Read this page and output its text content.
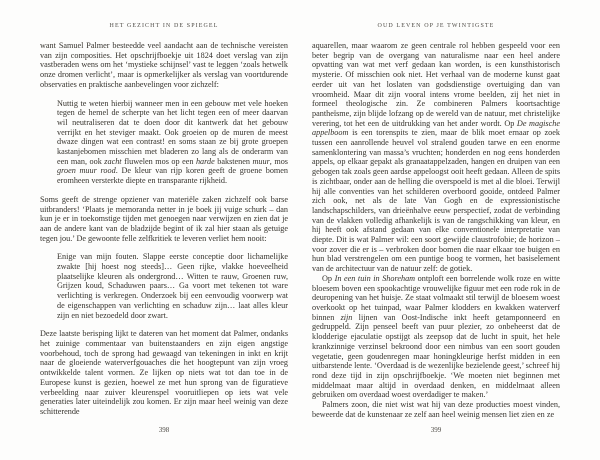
HET GEZICHT IN DE SPIEGEL

want Samuel Palmer besteedde veel aandacht aan de technische vereisten van zijn composities. Het opschrijfboekje uit 1824 doet verslag van zijn vastberaden wens om het ‘mystieke schijnsel’ vast te leggen ‘zoals hetwelk onze dromen verlicht’, maar is opmerkelijker als verslag van voortdurende observaties en praktische aanbevelingen voor zichzelf:

Nuttig te weten hierbij wanneer men in een gebouw met vele hoeken tegen de hemel de scherpte van het licht tegen een of meer daarvan wil neutraliseren dat te doen door dit kantwerk dat het gebouw verrijkt en het steviger maakt. Ook groeien op de muren de meest dwaze dingen wat een contrast! en soms staan ze bij grote groepen kastanjebomen misschien met bladeren zo lang als de onderarm van een man, ook zacht fluwelen mos op een harde bakstenen muur, mos groen muur rood. De kleur van rijp koren geeft de groene bomen eromheen versterkte diepte en transparante rijkheid.

Soms geeft de strenge opziener van materiële zaken zichzelf ook barse uitbranders! ‘Plaats je memoranda netter in je boek jij vuige schurk – dan kun je er in toekomstige tijden met genoegen naar verwijzen en zien dat je aan de andere kant van de bladzijde begint of ik zal hier staan als getuige tegen jou.’ De gewoonte felle zelfkritiek te leveren verliet hem nooit:

Enige van mijn fouten. Slappe eerste conceptie door lichamelijke zwakte [hij hoest nog steeds]… Geen rijke, vlakke hoeveelheid plaatselijke kleuren als ondergrond… Witten te rauw, Groenen ruw, Grijzen koud, Schaduwen paars… Ga voort met tekenen tot ware verlichting is verkregen. Onderzoek bij een eenvoudig voorwerp wat de eigenschappen van verlichting en schaduw zijn… laat alles kleur zijn en niet bezoedeld door zwart.

Deze laatste berisping lijkt te dateren van het moment dat Palmer, ondanks het zuinige commentaar van buitenstaanders en zijn eigen angstige voorbehoud, toch de sprong had gewaagd van tekeningen in inkt en krijt naar de gloeiende waterverfgouaches die het hoogtepunt van zijn vroeg ontwikkelde talent vormen. Ze lijken op niets wat tot dan toe in de Europese kunst is gezien, hoewel ze met hun sprong van de figuratieve verbeelding naar zuiver kleurenspel vooruitliepen op iets wat vele generaties later uiteindelijk zou komen. Er zijn maar heel weinig van deze schitterende

398
OUD LEVEN OP JE TWINTIGSTE

aquarellen, maar waarom ze geen centrale rol hebben gespeeld voor een beter begrip van de overgang van naturalisme naar een heel andere opvatting van wat met verf gedaan kan worden, is een kunsthistorisch mysterie. Of misschien ook niet. Het verhaal van de moderne kunst gaat eerder uit van het loslaten van godsdienstige overtuiging dan van vroomheid. Maar dit zijn vooral intens vrome beelden, zij het niet in formeel theologische zin. Ze combineren Palmers koortsachtige pantheïsme, zijn blijde lofzang op de wereld van de natuur, met christelijke verering, tot het een de uitdrukking van het ander wordt. Op De magische appelboom is een torenspits te zien, maar de blik moet ernaar op zoek tussen een aanrollende heuvel vol stralend gouden tarwe en een enorme samenklontering van massa’s vruchten; honderden en nog eens honderden appels, op elkaar gepakt als granaatappelzaden, hangen en druipen van een gebogen tak zoals geen aardse appeloogst ooit heeft gedaan. Alleen de spits is zichtbaar, onder aan de helling die overspoeld is met al die bloei. Terwijl hij alle conventies van het schilderen overboord gooide, ontdeed Palmer zich ook, net als de late Van Gogh en de expressionistische landschapschilders, van drieënhalve eeuw perspectief, zodat de verbinding van de vlakken volledig afhankelijk is van de rangschikking van kleur, en hij heeft ook afstand gedaan van elke conventionele interpretatie van diepte. Dit is wat Palmer wil: een soort gewijde claustrofobie; de horizon – voor zover die er is – verbroken door bomen die naar elkaar toe buigen en hun blad verstrengelen om een puntige boog te vormen, het basiselement van de architectuur van de natuur zelf: de gotiek.

Op In een tuin in Shoreham ontploft een borrelende wolk roze en witte bloesem boven een spookachtige vrouwelijke figuur met een rode rok in de deuropening van het huisje. Ze staat volmaakt stil terwijl de bloesem woest overkookt op het tuinpad, waar Palmer klodders en kwakken waterverf binnen zijn lijnen van Oost-Indische inkt heeft getamponneerd en gedruppeld. Zijn penseel beeft van puur plezier, zo onbeheerst dat de klodderige ejaculatie opstijgt als zeepsop dat de lucht in spuit, het hele krankzinnige verzinsel bekroond door een nimbus van een soort gouden vegetatie, geen goudenregen maar honingkleurige herfst midden in een uitbarstende lente. ‘Overdaad is de wezenlijke bezielende geest,’ schreef hij rond deze tijd in zijn opschrijfboekje. ‘We moeten niet beginnen met middelmaat maar altijd in overdaad denken, en middelmaat alleen gebruiken om overdaad woest overdadiger te maken.’

Palmers zoon, die niet wist wat hij van deze producties moest vinden, beweerde dat de kunstenaar ze zelf aan heel weinig mensen liet zien en ze

399
